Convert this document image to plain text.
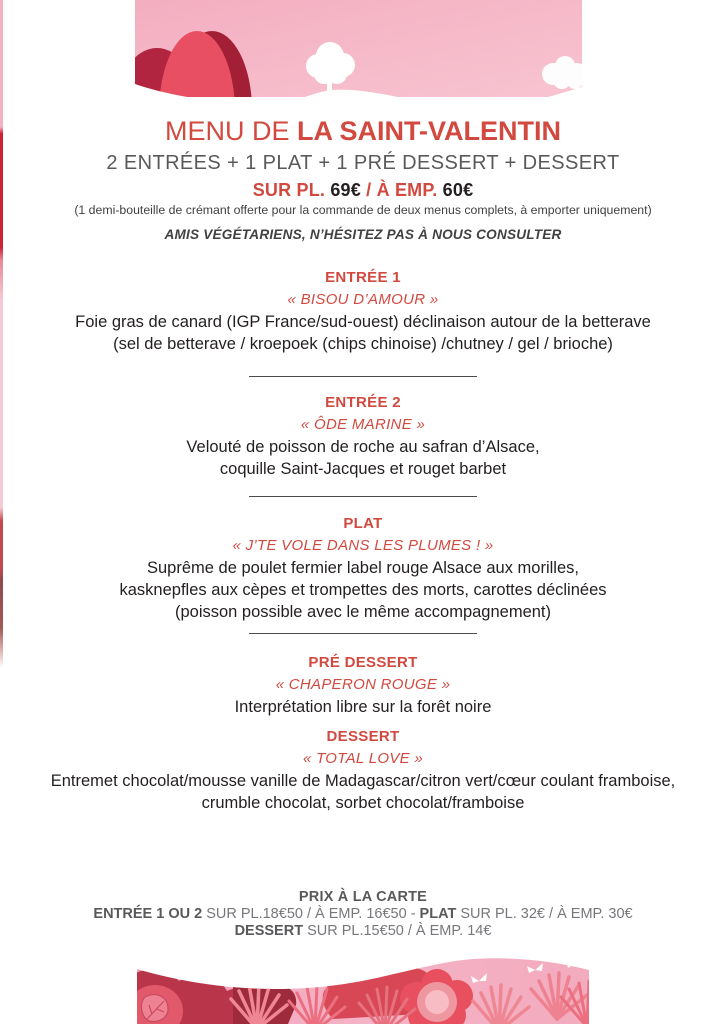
MENU DE LA SAINT-VALENTIN
2 ENTRÉES + 1 PLAT + 1 PRÉ DESSERT + DESSERT
SUR PL. 69€ / À EMP. 60€
(1 demi-bouteille de crémant offerte pour la commande de deux menus complets, à emporter uniquement)
AMIS VÉGÉTARIENS, N’HÉSITEZ PAS À NOUS CONSULTER
ENTRÉE 1
« BISOU D’AMOUR »
Foie gras de canard (IGP France/sud-ouest) déclinaison autour de la betterave
(sel de betterave / kroepoek (chips chinoise) /chutney / gel / brioche)
ENTRÉE 2
« ÔDE MARINE »
Velouté de poisson de roche au safran d’Alsace,
coquille Saint-Jacques et rouget barbet
PLAT
« J’TE VOLE DANS LES PLUMES ! »
Suprême de poulet fermier label rouge Alsace aux morilles,
kasknepfles aux cèpes et trompettes des morts, carottes déclinées
(poisson possible avec le même accompagnement)
PRÉ DESSERT
« CHAPERON ROUGE »
Interprétation libre sur la forêt noire
DESSERT
« TOTAL LOVE »
Entremet chocolat/mousse vanille de Madagascar/citron vert/cœur coulant framboise,
crumble chocolat, sorbet chocolat/framboise
PRIX À LA CARTE
ENTRÉE 1 OU 2 SUR PL.18€50 / À EMP. 16€50 - PLAT SUR PL. 32€ / À EMP. 30€
DESSERT SUR PL.15€50 / À EMP. 14€
